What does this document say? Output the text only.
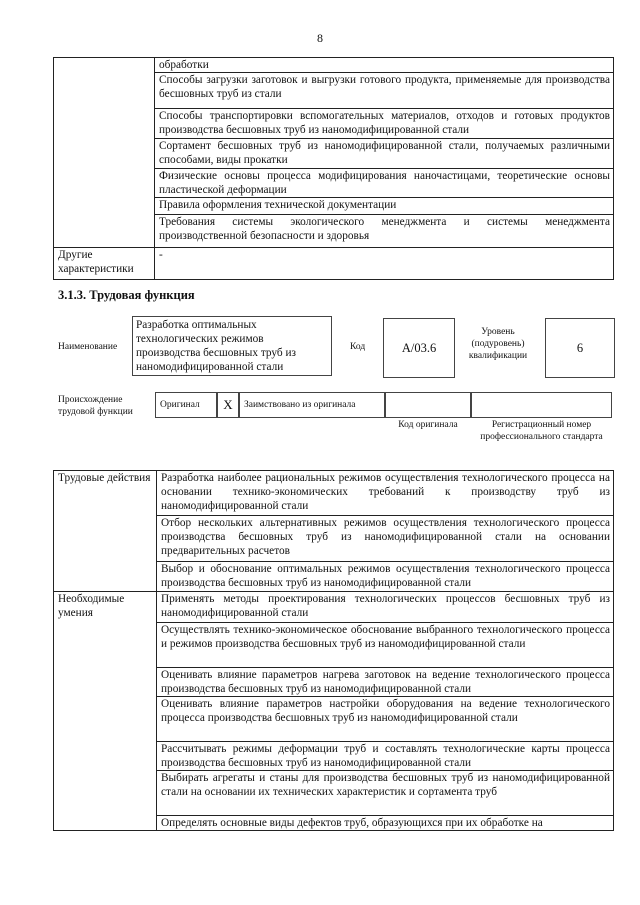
8
	обработки
	Способы загрузки заготовок и выгрузки готового продукта, применяемые для производства бесшовных труб из стали
	Способы транспортировки вспомогательных материалов, отходов и готовых продуктов производства бесшовных труб из наномодифицированной стали
	Сортамент бесшовных труб из наномодифицированной стали, получаемых различными способами, виды прокатки
	Физические основы процесса модифицирования наночастицами, теоретические основы пластической деформации
	Правила оформления технической документации
	Требования системы экологического менеджмента и системы менеджмента производственной безопасности и здоровья
Другие характеристики	-
3.1.3. Трудовая функция
Наименование
Разработка оптимальных технологических режимов производства бесшовных труб из наномодифицированной стали
Код	А/03.6
Уровень (подуровень) квалификации
6
Происхождение трудовой функции
Оригинал	X	Заимствовано из оригинала
Код оригинала	Регистрационный номер профессионального стандарта
Трудовые действия	Разработка наиболее рациональных режимов осуществления технологического процесса на основании технико-экономических требований к производству труб из наномодифицированной стали
	Отбор нескольких альтернативных режимов осуществления технологического процесса производства бесшовных труб из наномодифицированной стали на основании предварительных расчетов
	Выбор и обоснование оптимальных режимов осуществления технологического процесса производства бесшовных труб из наномодифицированной стали
Необходимые умения	Применять методы проектирования технологических процессов бесшовных труб из наномодифицированной стали
	Осуществлять технико-экономическое обоснование выбранного технологического процесса и режимов производства бесшовных труб из наномодифицированной стали
	Оценивать влияние параметров нагрева заготовок на ведение технологического процесса производства бесшовных труб из наномодифицированной стали
	Оценивать влияние параметров настройки оборудования на ведение технологического процесса производства бесшовных труб из наномодифицированной стали
	Рассчитывать режимы деформации труб и составлять технологические карты процесса производства бесшовных труб из наномодифицированной стали
	Выбирать агрегаты и станы для производства бесшовных труб из наномодифицированной стали на основании их технических характеристик и сортамента труб
	Определять основные виды дефектов труб, образующихся при их обработке на
